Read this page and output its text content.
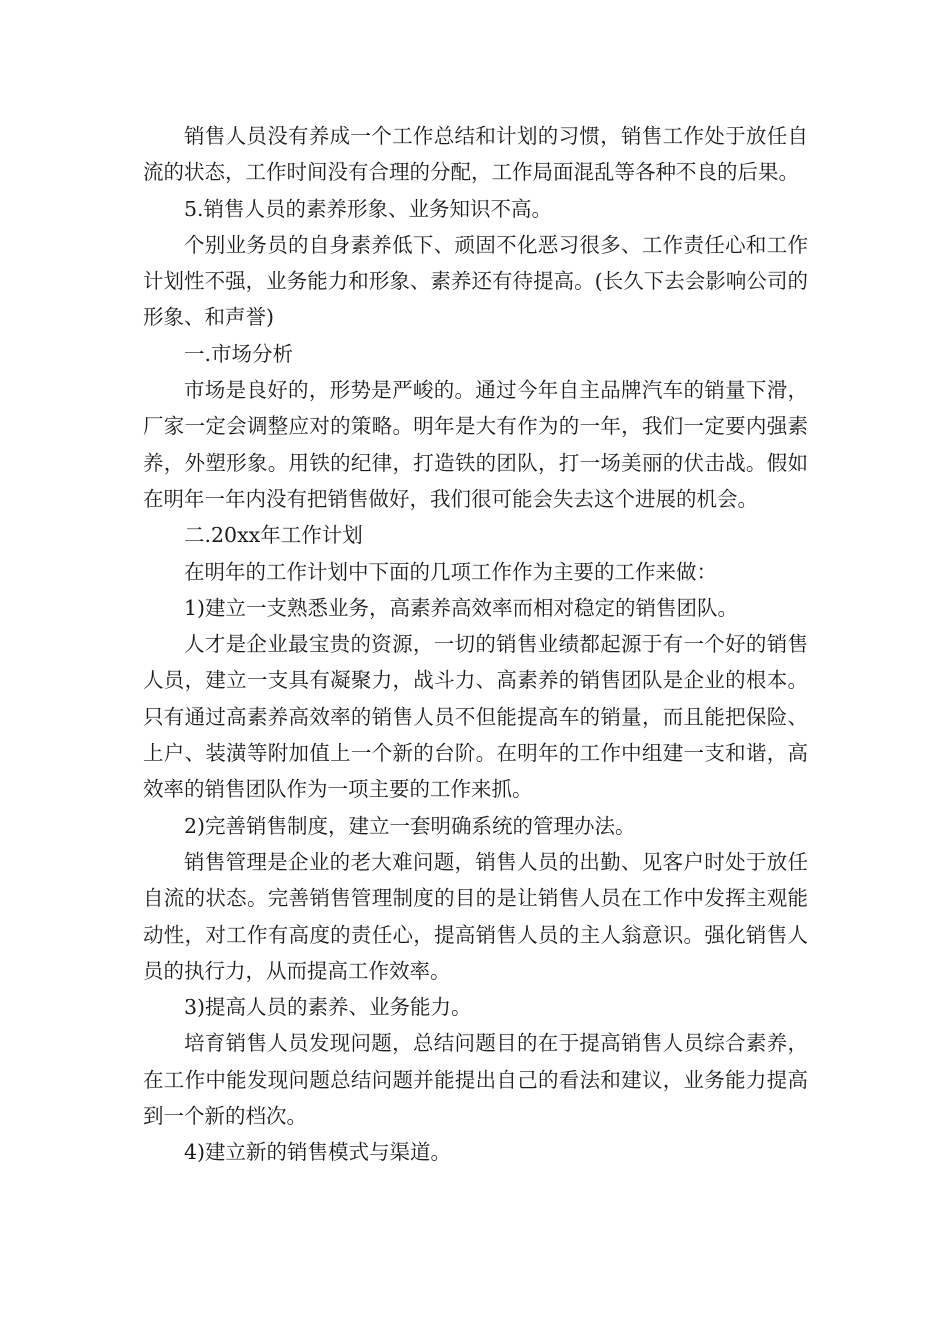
销售人员没有养成一个工作总结和计划的习惯，销售工作处于放任自流的状态，工作时间没有合理的分配，工作局面混乱等各种不良的后果。

5.销售人员的素养形象、业务知识不高。

个别业务员的自身素养低下、顽固不化恶习很多、工作责任心和工作计划性不强，业务能力和形象、素养还有待提高。(长久下去会影响公司的形象、和声誉)

一.市场分析

市场是良好的，形势是严峻的。通过今年自主品牌汽车的销量下滑，厂家一定会调整应对的策略。明年是大有作为的一年，我们一定要内强素养，外塑形象。用铁的纪律，打造铁的团队，打一场美丽的伏击战。假如在明年一年内没有把销售做好，我们很可能会失去这个进展的机会。

二.20xx年工作计划

在明年的工作计划中下面的几项工作作为主要的工作来做：

1)建立一支熟悉业务，高素养高效率而相对稳定的销售团队。

人才是企业最宝贵的资源，一切的销售业绩都起源于有一个好的销售人员，建立一支具有凝聚力，战斗力、高素养的销售团队是企业的根本。只有通过高素养高效率的销售人员不但能提高车的销量，而且能把保险、上户、装潢等附加值上一个新的台阶。在明年的工作中组建一支和谐，高效率的销售团队作为一项主要的工作来抓。

2)完善销售制度，建立一套明确系统的管理办法。

销售管理是企业的老大难问题，销售人员的出勤、见客户时处于放任自流的状态。完善销售管理制度的目的是让销售人员在工作中发挥主观能动性，对工作有高度的责任心，提高销售人员的主人翁意识。强化销售人员的执行力，从而提高工作效率。

3)提高人员的素养、业务能力。

培育销售人员发现问题，总结问题目的在于提高销售人员综合素养，在工作中能发现问题总结问题并能提出自己的看法和建议，业务能力提高到一个新的档次。

4)建立新的销售模式与渠道。
